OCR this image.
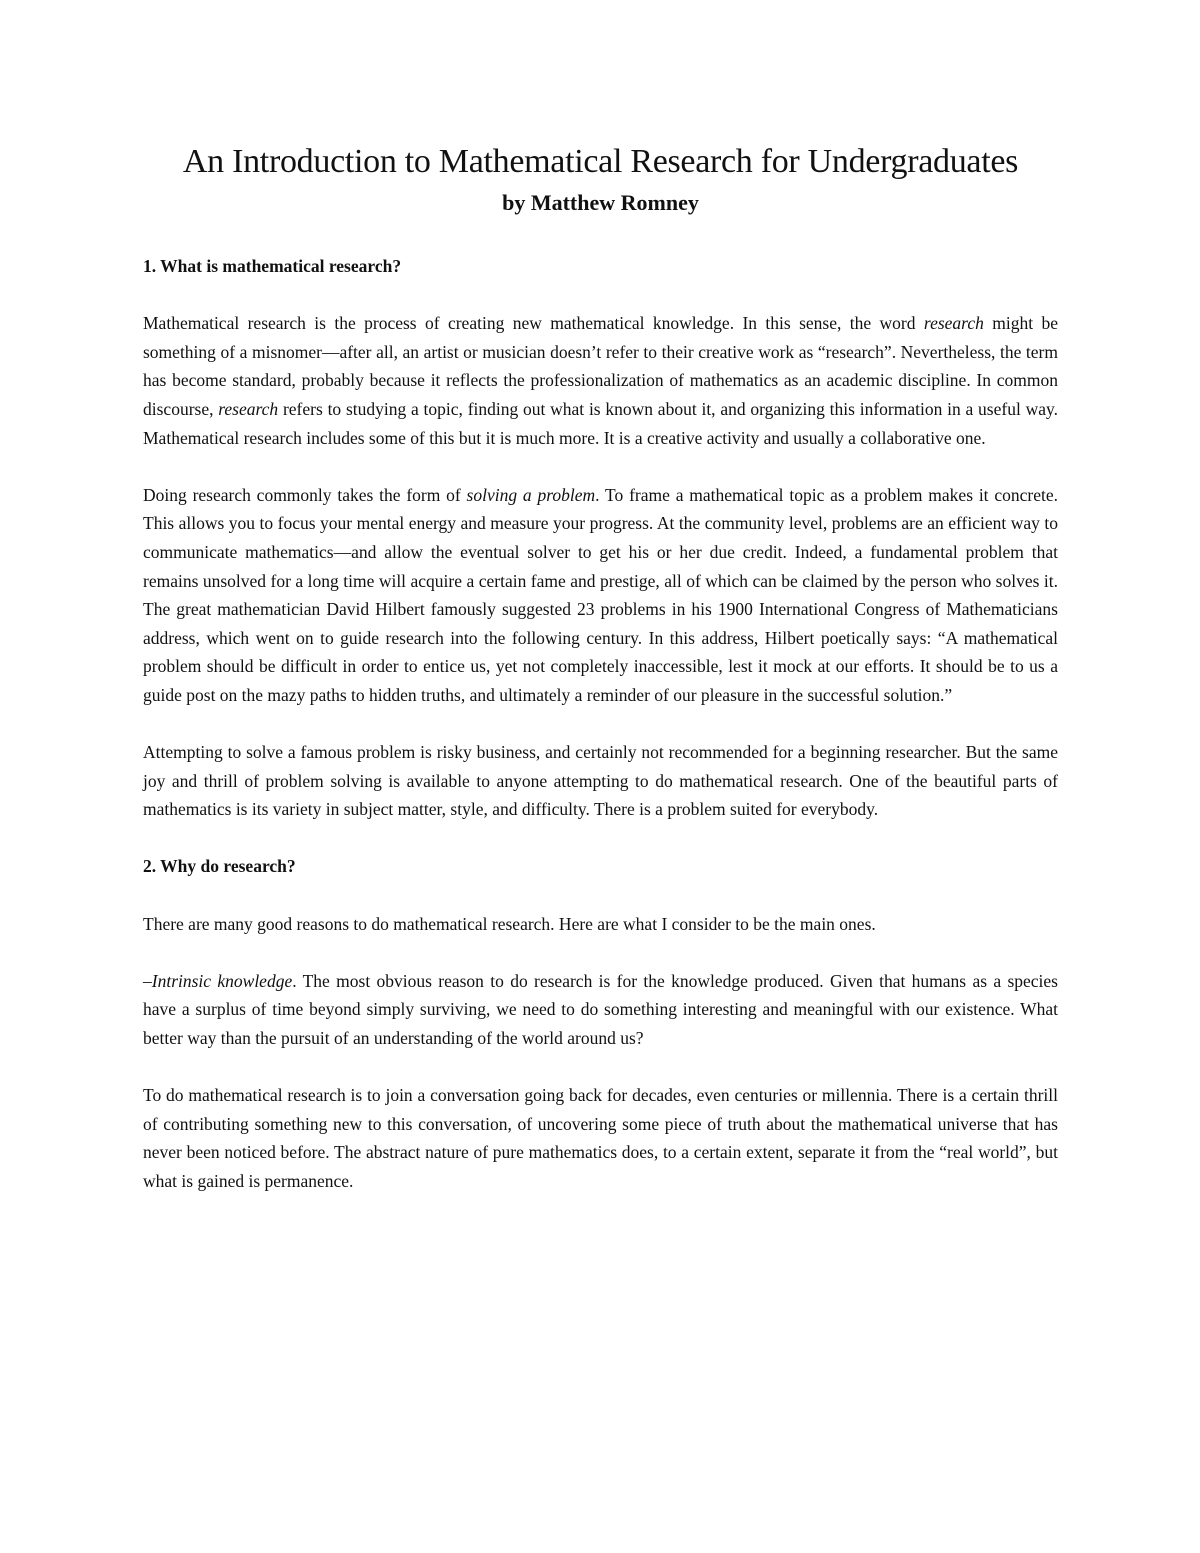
An Introduction to Mathematical Research for Undergraduates
by Matthew Romney
1. What is mathematical research?

Mathematical research is the process of creating new mathematical knowledge. In this sense, the word research might be something of a misnomer—after all, an artist or musician doesn’t refer to their creative work as “research”. Nevertheless, the term has become standard, probably because it reflects the professionalization of mathematics as an academic discipline. In common discourse, research refers to studying a topic, finding out what is known about it, and organizing this information in a useful way. Mathematical research includes some of this but it is much more. It is a creative activity and usually a collaborative one.

Doing research commonly takes the form of solving a problem. To frame a mathematical topic as a problem makes it concrete. This allows you to focus your mental energy and measure your progress. At the community level, problems are an efficient way to communicate mathematics—and allow the eventual solver to get his or her due credit. Indeed, a fundamental problem that remains unsolved for a long time will acquire a certain fame and prestige, all of which can be claimed by the person who solves it. The great mathematician David Hilbert famously suggested 23 problems in his 1900 International Congress of Mathematicians address, which went on to guide research into the following century. In this address, Hilbert poetically says: “A mathematical problem should be difficult in order to entice us, yet not completely inaccessible, lest it mock at our efforts. It should be to us a guide post on the mazy paths to hidden truths, and ultimately a reminder of our pleasure in the successful solution.”

Attempting to solve a famous problem is risky business, and certainly not recommended for a beginning researcher. But the same joy and thrill of problem solving is available to anyone attempting to do mathematical research. One of the beautiful parts of mathematics is its variety in subject matter, style, and difficulty. There is a problem suited for everybody.

2. Why do research?

There are many good reasons to do mathematical research. Here are what I consider to be the main ones.

–Intrinsic knowledge. The most obvious reason to do research is for the knowledge produced. Given that humans as a species have a surplus of time beyond simply surviving, we need to do something interesting and meaningful with our existence. What better way than the pursuit of an understanding of the world around us?

To do mathematical research is to join a conversation going back for decades, even centuries or millennia. There is a certain thrill of contributing something new to this conversation, of uncovering some piece of truth about the mathematical universe that has never been noticed before. The abstract nature of pure mathematics does, to a certain extent, separate it from the “real world”, but what is gained is permanence.
